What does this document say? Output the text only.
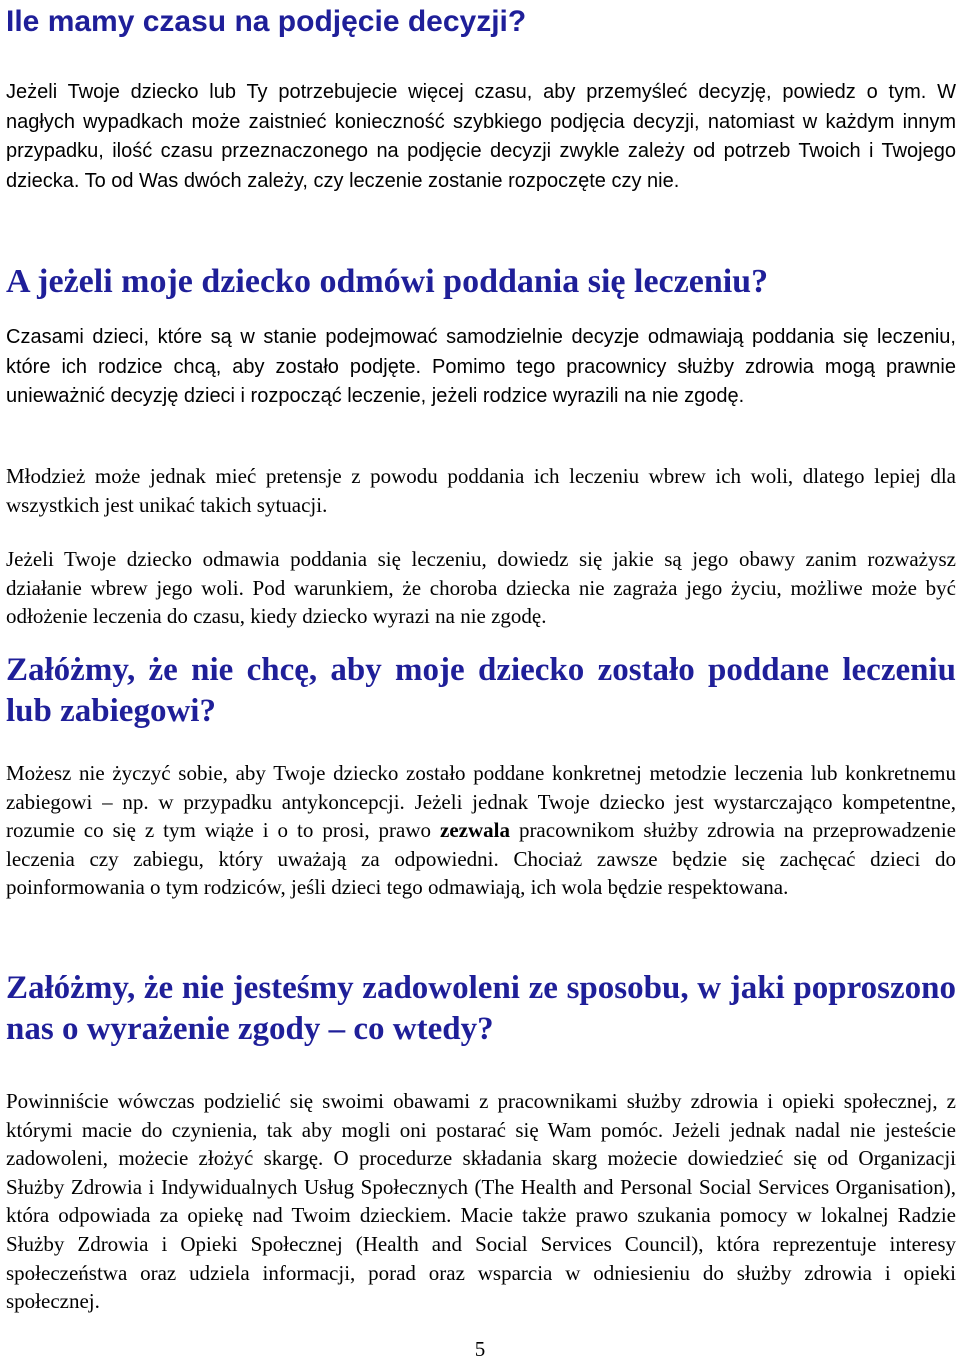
Ile mamy czasu na podjęcie decyzji?

Jeżeli Twoje dziecko lub Ty potrzebujecie więcej czasu, aby przemyśleć decyzję, powiedz o tym. W nagłych wypadkach może zaistnieć konieczność szybkiego podjęcia decyzji, natomiast w każdym innym przypadku, ilość czasu przeznaczonego na podjęcie decyzji zwykle zależy od potrzeb Twoich i Twojego dziecka. To od Was dwóch zależy, czy leczenie zostanie rozpoczęte czy nie.

A jeżeli moje dziecko odmówi poddania się leczeniu?

Czasami dzieci, które są w stanie podejmować samodzielnie decyzje odmawiają poddania się leczeniu, które ich rodzice chcą, aby zostało podjęte. Pomimo tego pracownicy służby zdrowia mogą prawnie unieważnić decyzję dzieci i rozpocząć leczenie, jeżeli rodzice wyrazili na nie zgodę.

Młodzież może jednak mieć pretensje z powodu poddania ich leczeniu wbrew ich woli, dlatego lepiej dla wszystkich jest unikać takich sytuacji.

Jeżeli Twoje dziecko odmawia poddania się leczeniu, dowiedz się jakie są jego obawy zanim rozważysz działanie wbrew jego woli. Pod warunkiem, że choroba dziecka nie zagraża jego życiu, możliwe może być odłożenie leczenia do czasu, kiedy dziecko wyrazi na nie zgodę.

Załóżmy, że nie chcę, aby moje dziecko zostało poddane leczeniu lub zabiegowi?

Możesz nie życzyć sobie, aby Twoje dziecko zostało poddane konkretnej metodzie leczenia lub konkretnemu zabiegowi – np. w przypadku antykoncepcji. Jeżeli jednak Twoje dziecko jest wystarczająco kompetentne, rozumie co się z tym wiąże i o to prosi, prawo zezwala pracownikom służby zdrowia na przeprowadzenie leczenia czy zabiegu, który uważają za odpowiedni. Chociaż zawsze będzie się zachęcać dzieci do poinformowania o tym rodziców, jeśli dzieci tego odmawiają, ich wola będzie respektowana.

Załóżmy, że nie jesteśmy zadowoleni ze sposobu, w jaki poproszono nas o wyrażenie zgody – co wtedy?

Powinniście wówczas podzielić się swoimi obawami z pracownikami służby zdrowia i opieki społecznej, z którymi macie do czynienia, tak aby mogli oni postarać się Wam pomóc. Jeżeli jednak nadal nie jesteście zadowoleni, możecie złożyć skargę. O procedurze składania skarg możecie dowiedzieć się od Organizacji Służby Zdrowia i Indywidualnych Usług Społecznych (The Health and Personal Social Services Organisation), która odpowiada za opiekę nad Twoim dzieckiem. Macie także prawo szukania pomocy w lokalnej Radzie Służby Zdrowia i Opieki Społecznej (Health and Social Services Council), która reprezentuje interesy społeczeństwa oraz udziela informacji, porad oraz wsparcia w odniesieniu do służby zdrowia i opieki społecznej.

5
